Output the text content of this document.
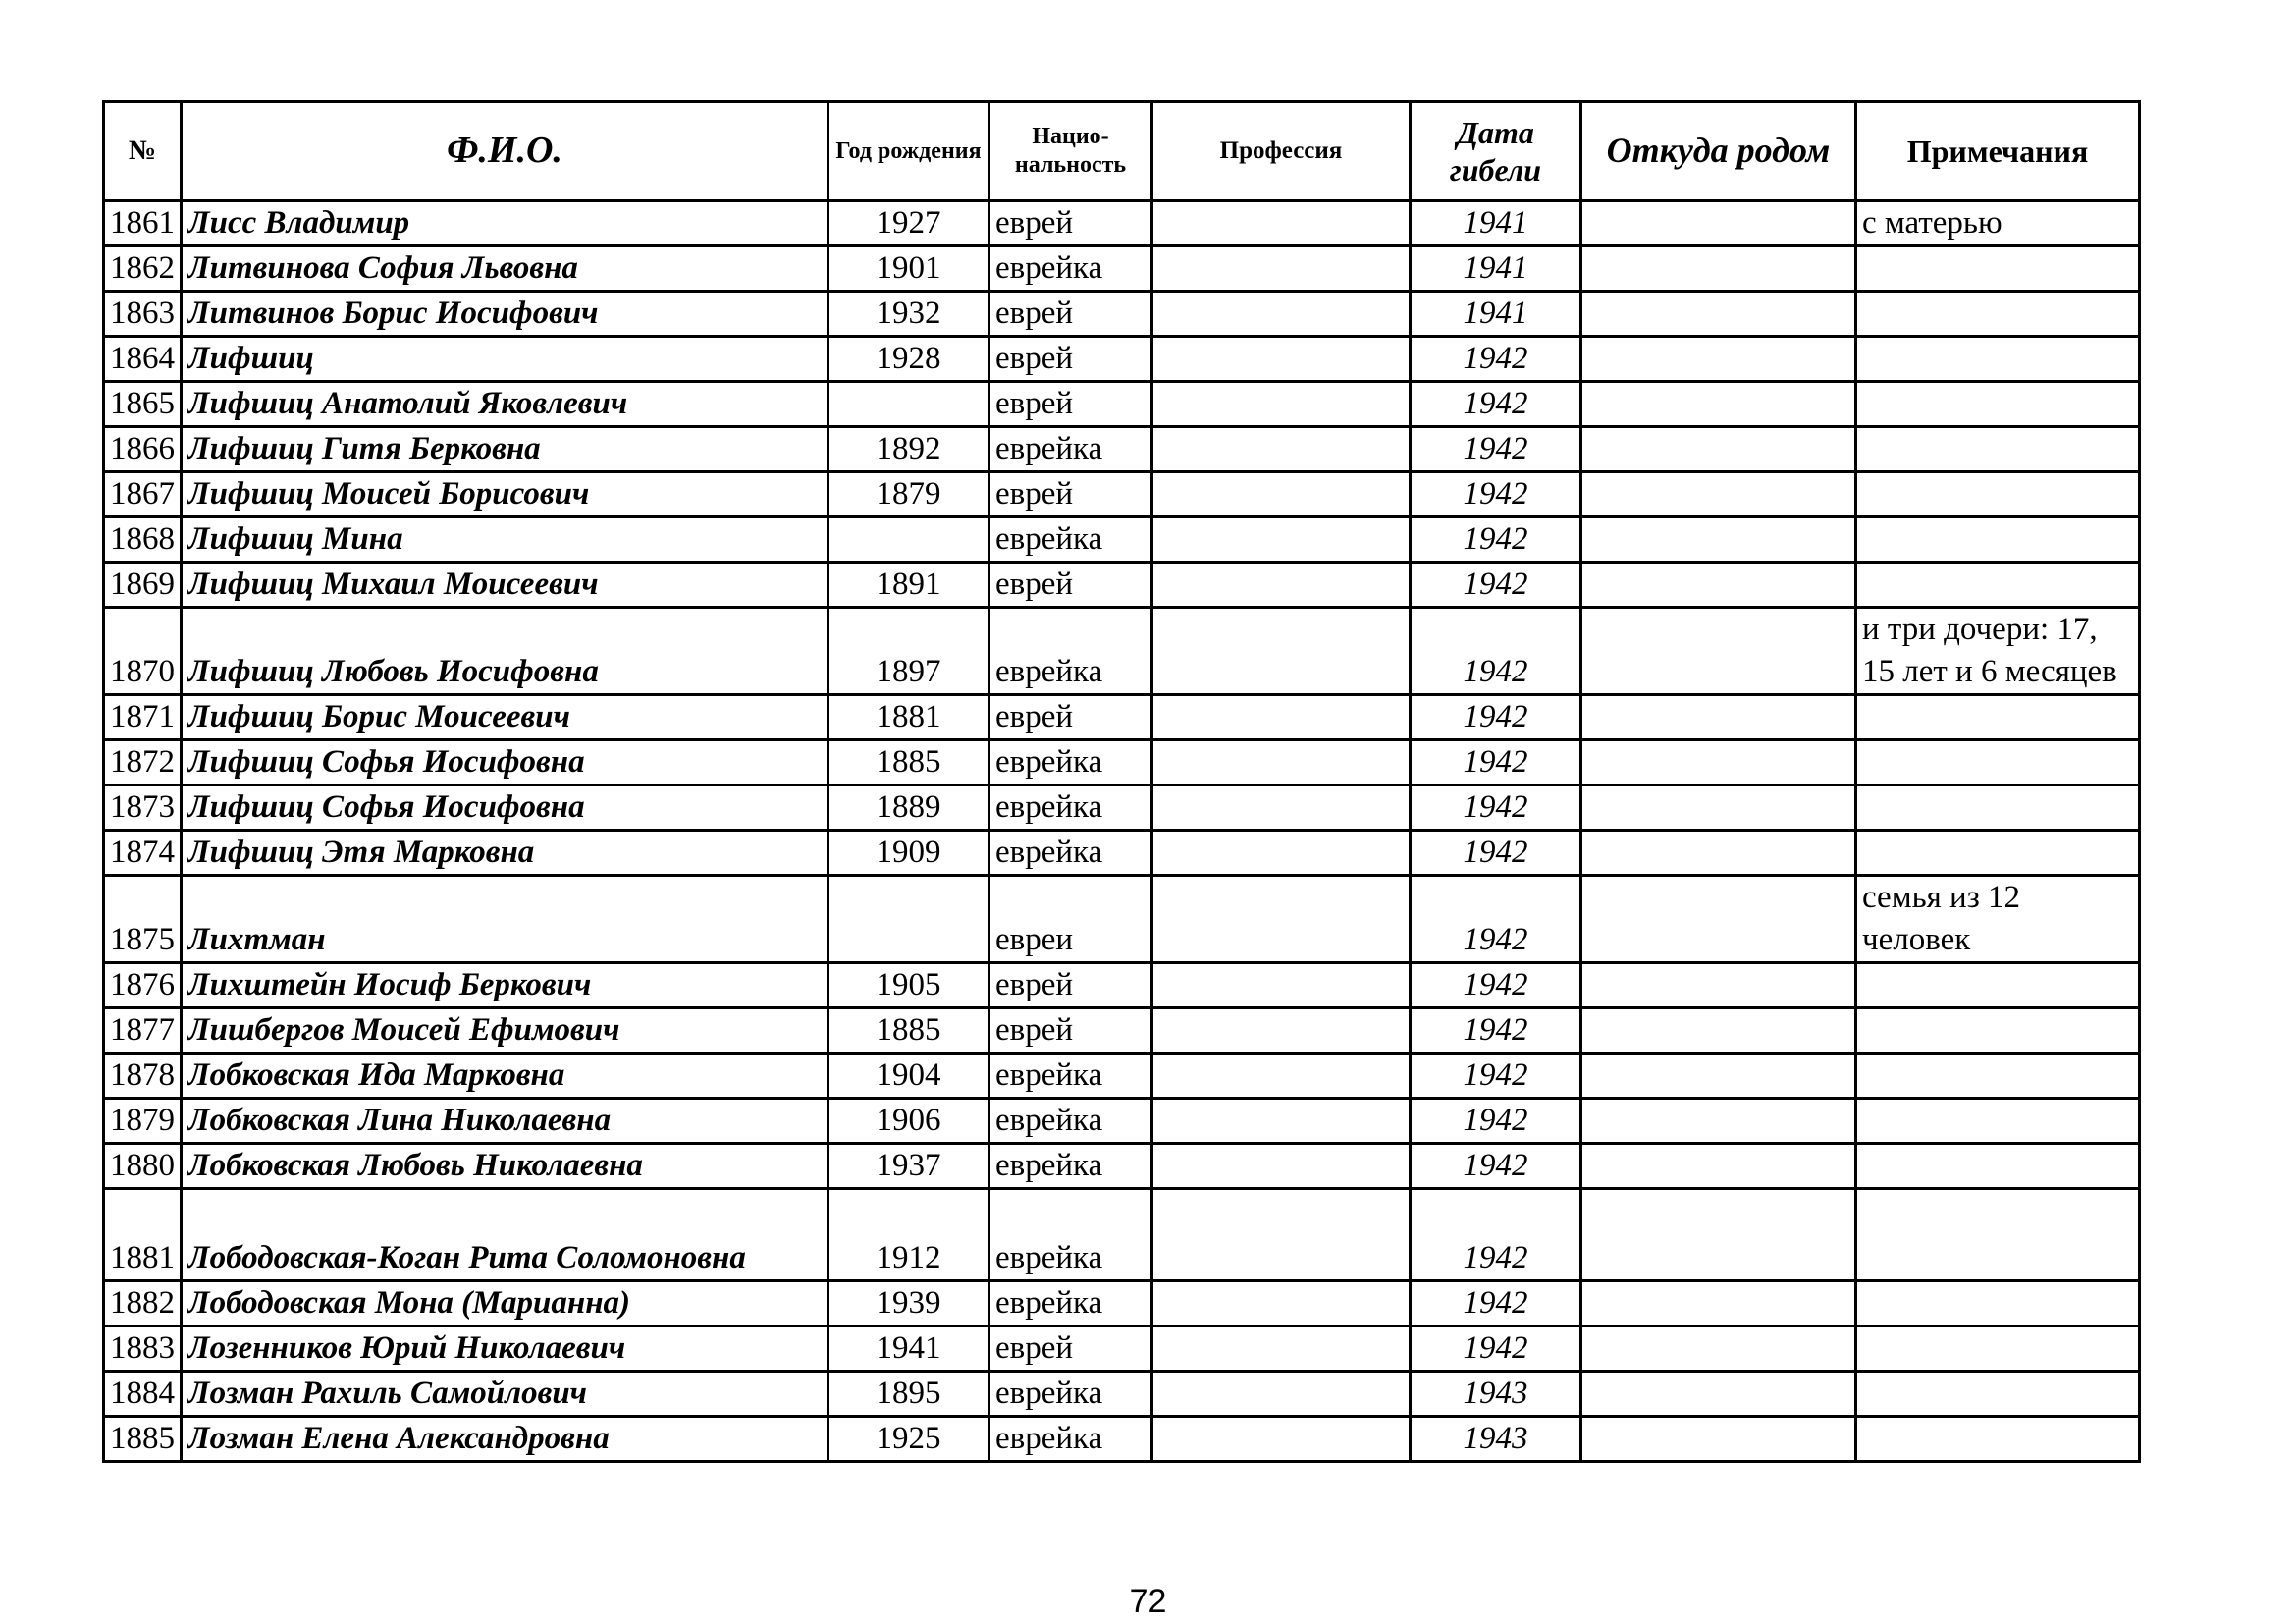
№	Ф.И.О.	Год рождения	Нацио-нальность	Профессия	Дата гибели	Откуда родом	Примечания
1861	Лисс Владимир	1927	еврей		1941		с матерью
1862	Литвинова София Львовна	1901	еврейка		1941		
1863	Литвинов Борис Иосифович	1932	еврей		1941		
1864	Лифшиц	1928	еврей		1942		
1865	Лифшиц Анатолий Яковлевич		еврей		1942		
1866	Лифшиц Гитя Берковна	1892	еврейка		1942		
1867	Лифшиц Моисей Борисович	1879	еврей		1942		
1868	Лифшиц Мина		еврейка		1942		
1869	Лифшиц Михаил Моисеевич	1891	еврей		1942		
1870	Лифшиц Любовь Иосифовна	1897	еврейка		1942		и три дочери: 17, 15 лет и 6 месяцев
1871	Лифшиц Борис Моисеевич	1881	еврей		1942		
1872	Лифшиц Софья Иосифовна	1885	еврейка		1942		
1873	Лифшиц Софья Иосифовна	1889	еврейка		1942		
1874	Лифшиц Этя Марковна	1909	еврейка		1942		
1875	Лихтман		евреи		1942		семья из 12 человек
1876	Лихштейн Иосиф Беркович	1905	еврей		1942		
1877	Лишбергов Моисей Ефимович	1885	еврей		1942		
1878	Лобковская Ида Марковна	1904	еврейка		1942		
1879	Лобковская Лина Николаевна	1906	еврейка		1942		
1880	Лобковская Любовь Николаевна	1937	еврейка		1942		
1881	Лободовская-Коган Рита Соломоновна	1912	еврейка		1942		
1882	Лободовская Мона (Марианна)	1939	еврейка		1942		
1883	Лозенников Юрий Николаевич	1941	еврей		1942		
1884	Лозман Рахиль Самойлович	1895	еврейка		1943		
1885	Лозман Елена Александровна	1925	еврейка		1943		
72
